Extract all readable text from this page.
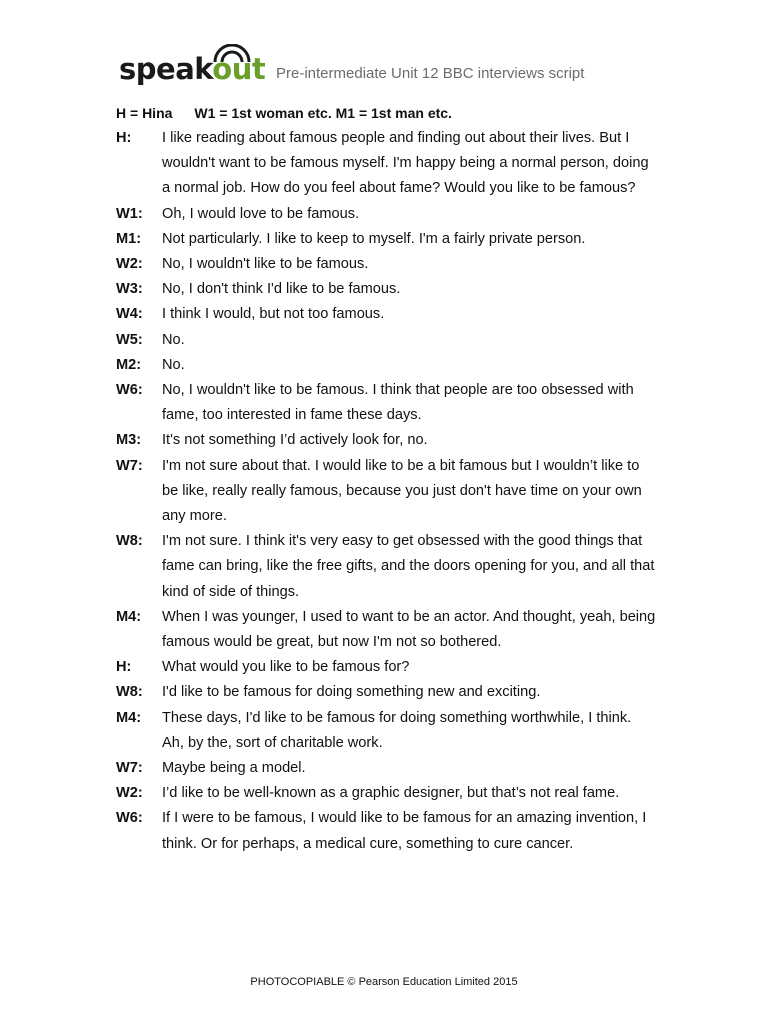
speakout Pre-intermediate Unit 12 BBC interviews script
H = Hina W1 = 1st woman etc. M1 = 1st man etc.
H:	I like reading about famous people and finding out about their lives. But I wouldn't want to be famous myself. I'm happy being a normal person, doing a normal job. How do you feel about fame? Would you like to be famous?
W1:	Oh, I would love to be famous.
M1:	Not particularly. I like to keep to myself. I'm a fairly private person.
W2:	No, I wouldn't like to be famous.
W3:	No, I don't think I'd like to be famous.
W4:	I think I would, but not too famous.
W5:	No.
M2:	No.
W6:	No, I wouldn't like to be famous. I think that people are too obsessed with fame, too interested in fame these days.
M3:	It's not something I’d actively look for, no.
W7:	I'm not sure about that. I would like to be a bit famous but I wouldn’t like to be like, really really famous, because you just don't have time on your own any more.
W8:	I'm not sure. I think it's very easy to get obsessed with the good things that fame can bring, like the free gifts, and the doors opening for you, and all that kind of side of things.
M4:	When I was younger, I used to want to be an actor. And thought, yeah, being famous would be great, but now I'm not so bothered.
H:	What would you like to be famous for?
W8:	I'd like to be famous for doing something new and exciting.
M4:	These days, I'd like to be famous for doing something worthwhile, I think. Ah, by the, sort of charitable work.
W7:	Maybe being a model.
W2:	I’d like to be well-known as a graphic designer, but that’s not real fame.
W6:	If I were to be famous, I would like to be famous for an amazing invention, I think. Or for perhaps, a medical cure, something to cure cancer.
PHOTOCOPIABLE © Pearson Education Limited 2015
